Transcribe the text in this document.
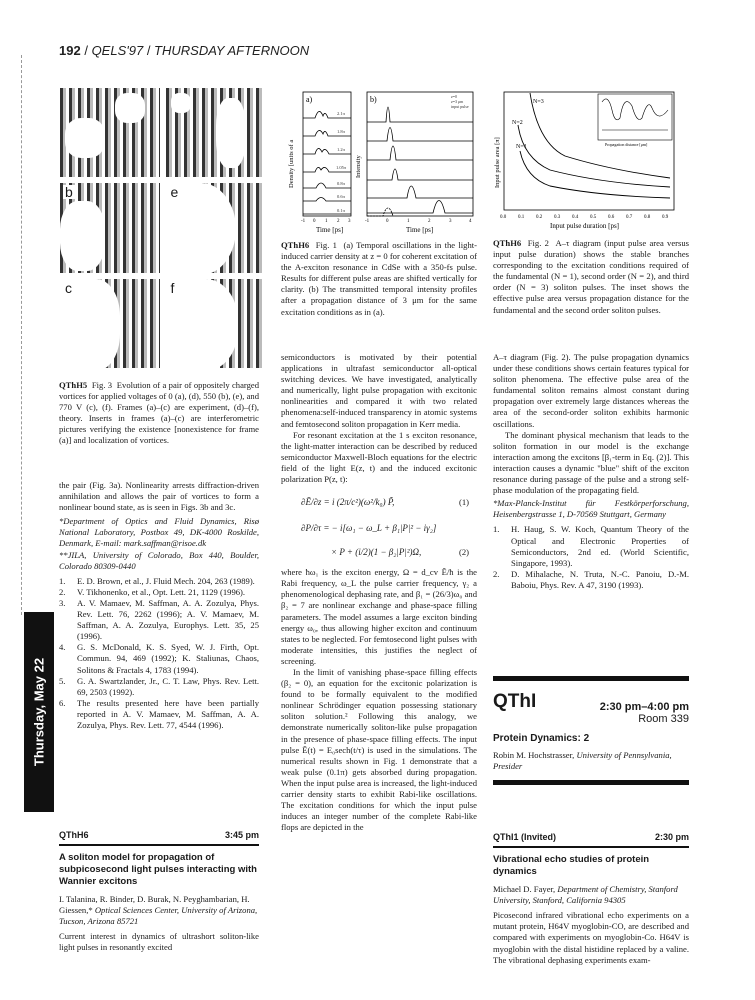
192 / QELS'97 / THURSDAY AFTERNOON
Thursday, May 22
b	e
c	f

QThH5 Fig. 3 Evolution of a pair of oppositely charged vortices for applied voltages of 0 (a), (d), 550 (b), (e), and 770 V (c), (f). Frames (a)–(c) are experiment, (d)–(f), theory. Inserts in frames (a)–(c) are interferometric pictures verifying the existence [nonexistence for frame (a)] and localization of vortices.

the pair (Fig. 3a). Nonlinearity arrests diffraction-driven annihilation and allows the pair of vortices to form a nonlinear bound state, as is seen in Figs. 3b and 3c.

*Department of Optics and Fluid Dynamics, Risø National Laboratory, Postbox 49, DK-4000 Roskilde, Denmark, E-mail: mark.saffman@risoe.dk

**JILA, University of Colorado, Box 440, Boulder, Colorado 80309-0440

1.	E. D. Brown, et al., J. Fluid Mech. 204, 263 (1989).
2.	V. Tikhonenko, et al., Opt. Lett. 21, 1129 (1996).
3.	A. V. Mamaev, M. Saffman, A. A. Zozulya, Phys. Rev. Lett. 76, 2262 (1996); A. V. Mamaev, M. Saffman, A. A. Zozulya, Europhys. Lett. 35, 25 (1996).
4.	G. S. McDonald, K. S. Syed, W. J. Firth, Opt. Commun. 94, 469 (1992); K. Staliunas, Chaos, Solitons & Fractals 4, 1783 (1994).
5.	G. A. Swartzlander, Jr., C. T. Law, Phys. Rev. Lett. 69, 2503 (1992).
6.	The results presented here have been partially reported in A. V. Mamaev, M. Saffman, A. A. Zozulya, Phys. Rev. Lett. 77, 4544 (1996).
QThH6	3:45 pm
A soliton model for propagation of subpicosecond light pulses interacting with Wannier excitons

I. Talanina, R. Binder, D. Burak, N. Peyghambarian, H. Giessen,* Optical Sciences Center, University of Arizona, Tucson, Arizona 85721

Current interest in dynamics of ultrashort soliton-like light pulses in resonantly excited

a)
2.1π
1.8π
1.2π
1.05π
0.8π
0.6π
0.1π
-1 0 1 2 3
Time [ps]
Density [units of a
b)	z=0
z=3 μm
input pulse
-1	0	1	2	3	4
Time [ps]
Intensity

QThH6 Fig. 1 (a) Temporal oscillations in the light-induced carrier density at z = 0 for coherent excitation of the A-exciton resonance in CdSe with a 350-fs pulse. Results for different pulse areas are shifted vertically for clarity. (b) The transmitted temporal intensity profiles after a propagation distance of 3 μm for the same excitation conditions as in (a).

semiconductors is motivated by their potential applications in ultrafast semiconductor all-optical switching devices. We have investigated, analytically and numerically, light pulse propagation with excitonic nonlinearities and compared it with two related phenomena:self-induced transparency in atomic systems and femtosecond soliton propagation in Kerr media.

For resonant excitation at the 1 s exciton resonance, the light-matter interaction can be described by reduced semiconductor Maxwell-Bloch equations for the electric field of the light E(z, t) and the induced excitonic polarization P(z, t):

∂Ẽ/∂z = i (2π/c²)(ω²/k₀) P̃,	(1)
∂P/∂τ = − i[ω₁ − ω_L + β₁|P|² − iγ₂]
× P + (i/2)(1 − β₂|P|²)Ω,	(2)

where ħω₁ is the exciton energy, Ω = d_cv Ẽ/ħ is the Rabi frequency, ω_L the pulse carrier frequency, γ₂ a phenomenological dephasing rate, and β₁ = (26/3)ω₀ and β₂ = 7 are nonlinear exchange and phase-space filling parameters. The model assumes a large exciton binding energy ω₀, thus allowing higher exciton and continuum states to be neglected. For femtosecond light pulses with moderate intensities, this justifies the neglect of screening.

In the limit of vanishing phase-space filling effects (β₂ = 0), an equation for the excitonic polarization is found to be formally equivalent to the modified nonlinear Schrödinger equation possessing stationary soliton solution.² Following this analogy, we demonstrate numerically soliton-like pulse propagation in the presence of phase-space filling effects. The input pulse Ẽ(t) = E₀sech(t/τ) is used in the simulations. The numerical results shown in Fig. 1 demonstrate that a weak pulse (0.1π) gets absorbed during propagation. When the input pulse area is increased, the light-induced carrier density starts to exhibit Rabi-like oscillations. The excitation conditions for which the input pulse induces an integer number of the complete Rabi-like flops are depicted in the

N=1
N=2
N=3
Propagation distance [μm]
0.0 0.1 0.2 0.3 0.4 0.5 0.6 0.7 0.8 0.9
Input pulse duration [ps]
Input pulse area [π]

QThH6 Fig. 2 A–τ diagram (input pulse area versus input pulse duration) shows the stable branches corresponding to the excitation conditions required of the fundamental (N = 1), second order (N = 2), and third order (N = 3) soliton pulses. The inset shows the effective pulse area versus propagation distance for the fundamental and the second order soliton pulses.

A–τ diagram (Fig. 2). The pulse propagation dynamics under these conditions shows certain features typical for soliton phenomena. The effective pulse area of the fundamental soliton remains almost constant during propagation over extremely large distances whereas the area of the second-order soliton exhibits harmonic oscillations.

The dominant physical mechanism that leads to the soliton formation in our model is the exchange interaction among the excitons [β₁-term in Eq. (2)]. This interaction causes a dynamic "blue" shift of the exciton resonance during passage of the pulse and a strong self-phase modulation of the propagating field.

*Max-Planck-Institut für Festkörperforschung, Heisenbergstrasse 1, D-70569 Stuttgart, Germany

1.	H. Haug, S. W. Koch, Quantum Theory of the Optical and Electronic Properties of Semiconductors, 2nd ed. (World Scientific, Singapore, 1993).
2.	D. Mihalache, N. Truta, N.-C. Panoiu, D.-M. Baboiu, Phys. Rev. A 47, 3190 (1993).
QThI	2:30 pm–4:00 pm
Room 339
Protein Dynamics: 2

Robin M. Hochstrasser, University of Pennsylvania, Presider

QThI1 (Invited)	2:30 pm
Vibrational echo studies of protein dynamics

Michael D. Fayer, Department of Chemistry, Stanford University, Stanford, California 94305

Picosecond infrared vibrational echo experiments on a mutant protein, H64V myoglobin-CO, are described and compared with experiments on myoglobin-Co. H64V is myoglobin with the distal histidine replaced by a valine. The vibrational dephasing experiments exam-
